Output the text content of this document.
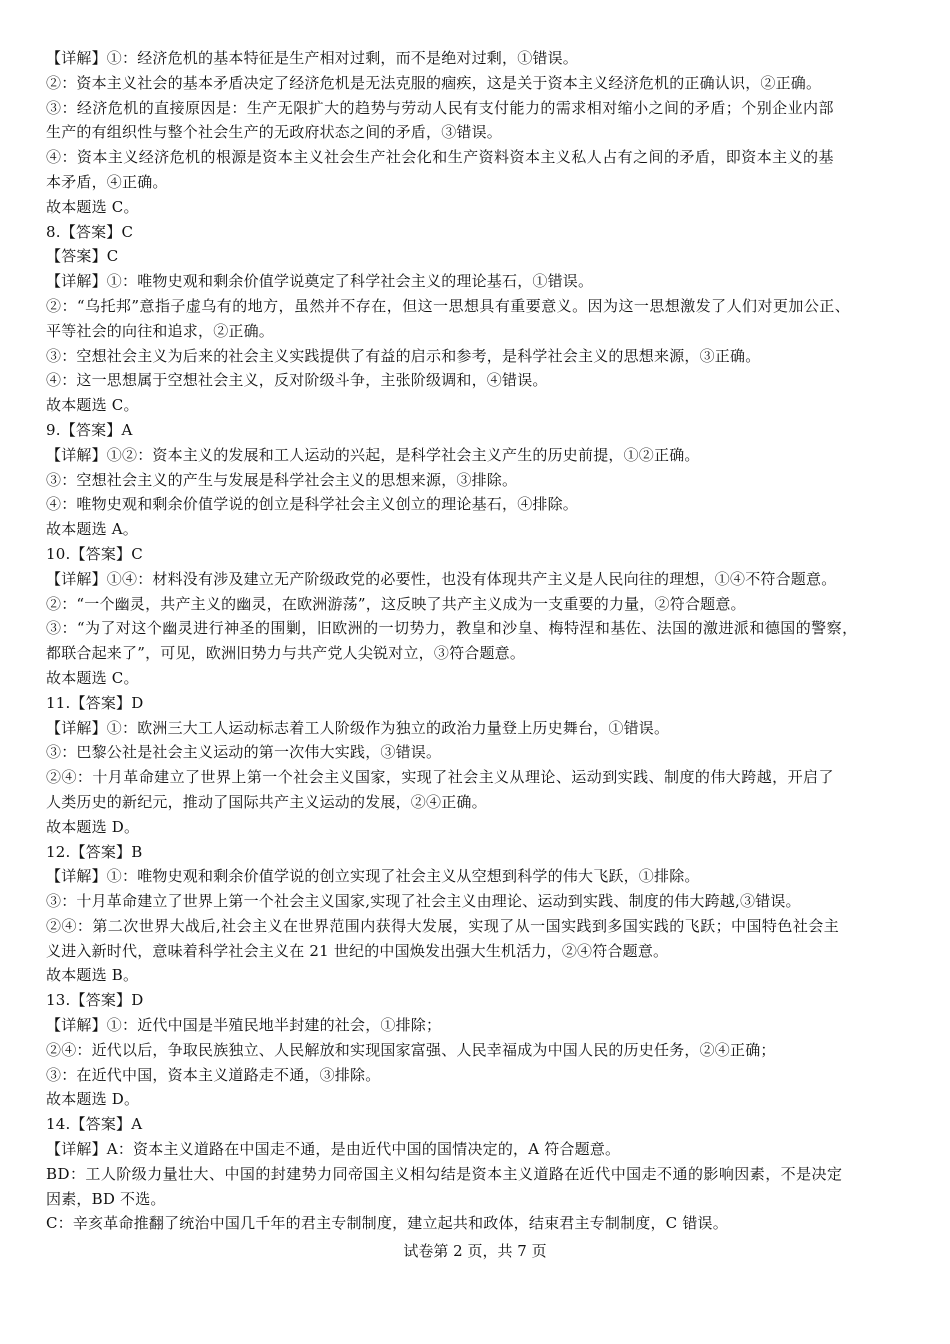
【详解】①：经济危机的基本特征是生产相对过剩，而不是绝对过剩，①错误。
②：资本主义社会的基本矛盾决定了经济危机是无法克服的痼疾，这是关于资本主义经济危机的正确认识，②正确。
③：经济危机的直接原因是：生产无限扩大的趋势与劳动人民有支付能力的需求相对缩小之间的矛盾；个别企业内部
生产的有组织性与整个社会生产的无政府状态之间的矛盾，③错误。
④：资本主义经济危机的根源是资本主义社会生产社会化和生产资料资本主义私人占有之间的矛盾，即资本主义的基
本矛盾，④正确。
故本题选 C。
8.【答案】C
【答案】C
【详解】①：唯物史观和剩余价值学说奠定了科学社会主义的理论基石，①错误。
②：“乌托邦”意指子虚乌有的地方，虽然并不存在，但这一思想具有重要意义。因为这一思想激发了人们对更加公正、
平等社会的向往和追求，②正确。
③：空想社会主义为后来的社会主义实践提供了有益的启示和参考，是科学社会主义的思想来源，③正确。
④：这一思想属于空想社会主义，反对阶级斗争，主张阶级调和，④错误。
故本题选 C。
9.【答案】A
【详解】①②：资本主义的发展和工人运动的兴起，是科学社会主义产生的历史前提，①②正确。
③：空想社会主义的产生与发展是科学社会主义的思想来源，③排除。
④：唯物史观和剩余价值学说的创立是科学社会主义创立的理论基石，④排除。
故本题选 A。
10.【答案】C
【详解】①④：材料没有涉及建立无产阶级政党的必要性，也没有体现共产主义是人民向往的理想，①④不符合题意。
②：“一个幽灵，共产主义的幽灵，在欧洲游荡”，这反映了共产主义成为一支重要的力量，②符合题意。
③：“为了对这个幽灵进行神圣的围剿，旧欧洲的一切势力，教皇和沙皇、梅特涅和基佐、法国的激进派和德国的警察，
都联合起来了”，可见，欧洲旧势力与共产党人尖锐对立，③符合题意。
故本题选 C。
11.【答案】D
【详解】①：欧洲三大工人运动标志着工人阶级作为独立的政治力量登上历史舞台，①错误。
③：巴黎公社是社会主义运动的第一次伟大实践，③错误。
②④：十月革命建立了世界上第一个社会主义国家，实现了社会主义从理论、运动到实践、制度的伟大跨越，开启了
人类历史的新纪元，推动了国际共产主义运动的发展，②④正确。
故本题选 D。
12.【答案】B
【详解】①：唯物史观和剩余价值学说的创立实现了社会主义从空想到科学的伟大飞跃，①排除。
③：十月革命建立了世界上第一个社会主义国家,实现了社会主义由理论、运动到实践、制度的伟大跨越,③错误。
②④：第二次世界大战后,社会主义在世界范围内获得大发展，实现了从一国实践到多国实践的飞跃；中国特色社会主
义进入新时代，意味着科学社会主义在 21 世纪的中国焕发出强大生机活力，②④符合题意。
故本题选 B。
13.【答案】D
【详解】①：近代中国是半殖民地半封建的社会，①排除；
②④：近代以后，争取民族独立、人民解放和实现国家富强、人民幸福成为中国人民的历史任务，②④正确；
③：在近代中国，资本主义道路走不通，③排除。
故本题选 D。
14.【答案】A
【详解】A：资本主义道路在中国走不通，是由近代中国的国情决定的，A 符合题意。
BD：工人阶级力量壮大、中国的封建势力同帝国主义相勾结是资本主义道路在近代中国走不通的影响因素，不是决定
因素，BD 不选。
C：辛亥革命推翻了统治中国几千年的君主专制制度，建立起共和政体，结束君主专制制度，C 错误。
试卷第 2 页，共 7 页
